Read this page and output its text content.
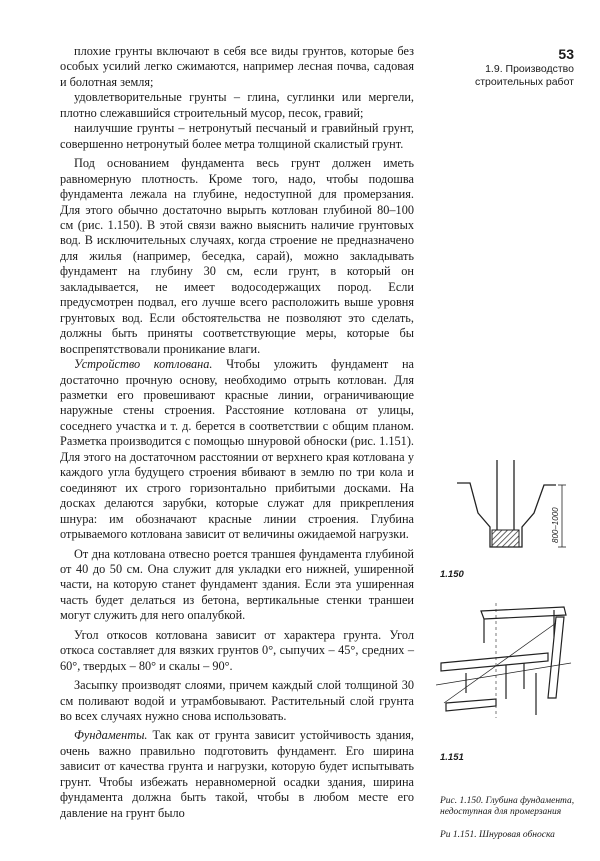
53
1.9. Производство строительных работ

плохие грунты включают в себя все виды грунтов, которые без особых усилий легко сжимаются, например лесная почва, садовая и болотная земля;

удовлетворительные грунты – глина, суглинки или мергели, плотно слежавшийся строительный мусор, песок, гравий;

наилучшие грунты – нетронутый песчаный и гравийный грунт, совершенно нетронутый более метра толщиной скалистый грунт.

Под основанием фундамента весь грунт должен иметь равномерную плотность. Кроме того, надо, чтобы подошва фундамента лежала на глубине, недоступной для промерзания. Для этого обычно достаточно вырыть котлован глубиной 80–100 см (рис. 1.150). В этой связи важно выяснить наличие грунтовых вод. В исключительных случаях, когда строение не предназначено для жилья (например, беседка, сарай), можно закладывать фундамент на глубину 30 см, если грунт, в который он закладывается, не имеет водосодержащих пород. Если предусмотрен подвал, его лучше всего расположить выше уровня грунтовых вод. Если обстоятельства не позволяют это сделать, должны быть приняты соответствующие меры, которые бы воспрепятствовали проникание влаги.

Устройство котлована. Чтобы уложить фундамент на достаточно прочную основу, необходимо отрыть котлован. Для разметки его провешивают красные линии, ограничивающие наружные стены строения. Расстояние котлована от улицы, соседнего участка и т. д. берется в соответствии с общим планом. Разметка производится с помощью шнуровой обноски (рис. 1.151). Для этого на достаточном расстоянии от верхнего края котлована у каждого угла будущего строения вбивают в землю по три кола и соединяют их строго горизонтально прибитыми досками. На досках делаются зарубки, которые служат для прикрепления шнура: им обозначают красные линии строения. Глубина отрываемого котлована зависит от величины ожидаемой нагрузки.

От дна котлована отвесно роется траншея фундамента глубиной от 40 до 50 см. Она служит для укладки его нижней, уширенной части, на которую станет фундамент здания. Если эта уширенная часть будет делаться из бетона, вертикальные стенки траншеи могут служить для него опалубкой.

Угол откосов котлована зависит от характера грунта. Угол откоса составляет для вязких грунтов 0°, сыпучих – 45°, средних – 60°, твердых – 80° и скалы – 90°.

Засыпку производят слоями, причем каждый слой толщиной 30 см поливают водой и утрамбовывают. Растительный слой грунта во всех случаях нужно снова использовать.

Фундаменты. Так как от грунта зависит устойчивость здания, очень важно правильно подготовить фундамент. Его ширина зависит от качества грунта и нагрузки, которую будет испытывать грунт. Чтобы избежать неравномерной осадки здания, ширина фундамента должна быть такой, чтобы в любом месте его давление на грунт было

800–1000
1.150
1.151
Рис. 1.150. Глубина фундамента, недоступная для промерзания
Ри 1.151. Шнуровая обноска
